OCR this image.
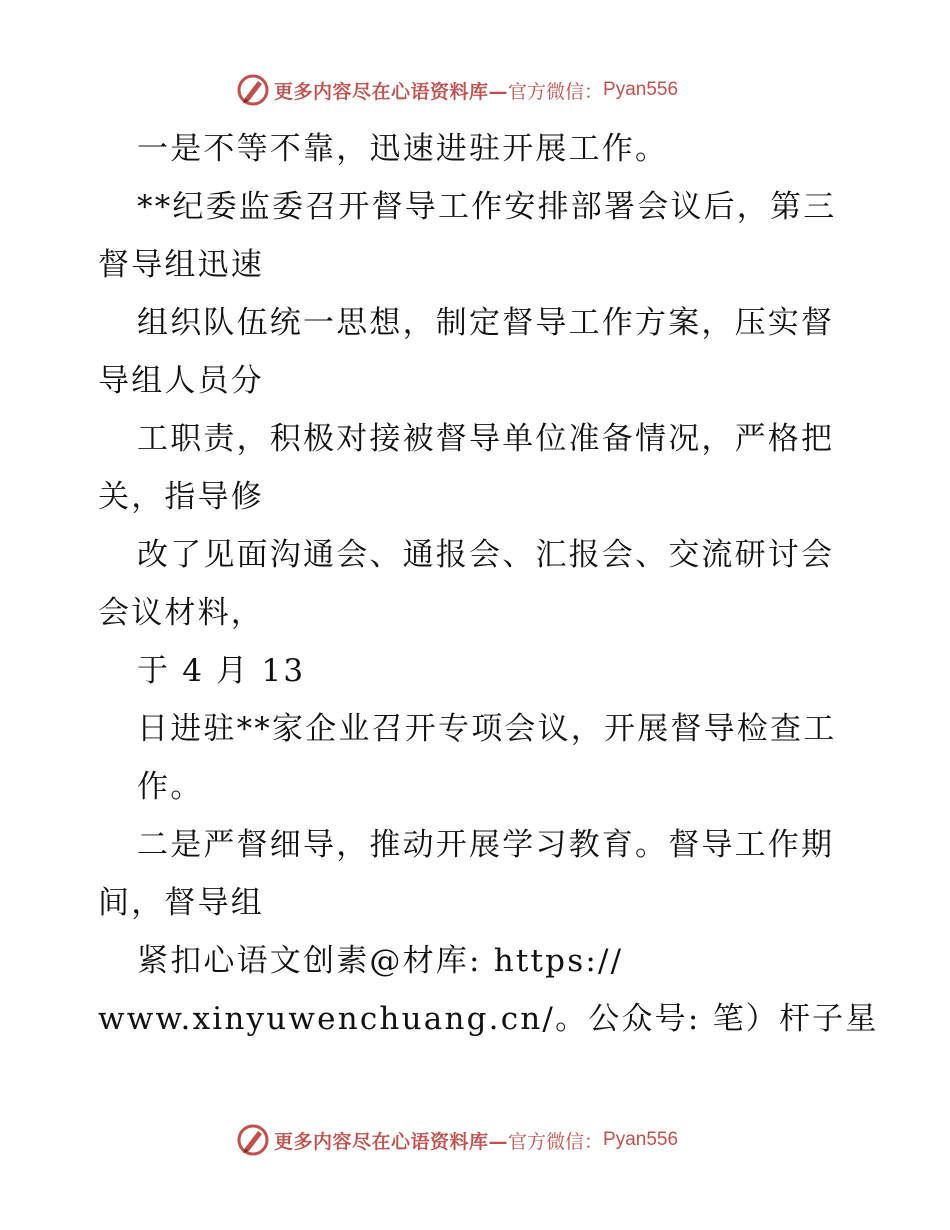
更多内容尽在心语资料库— 官方微信： Pyan556
一是不等不靠，迅速进驻开展工作。
**纪委监委召开督导工作安排部署会议后，第三
督导组迅速
组织队伍统一思想，制定督导工作方案，压实督
导组人员分
工职责，积极对接被督导单位准备情况，严格把
关，指导修
改了见面沟通会、通报会、汇报会、交流研讨会
会议材料，
于 4 月 13
日进驻**家企业召开专项会议，开展督导检查工
作。
二是严督细导，推动开展学习教育。督导工作期
间，督导组
紧扣心语文创素@材库: https://
www.xinyuwenchuang.cn/。公众号: 笔）杆子星
更多内容尽在心语资料库— 官方微信： Pyan556
